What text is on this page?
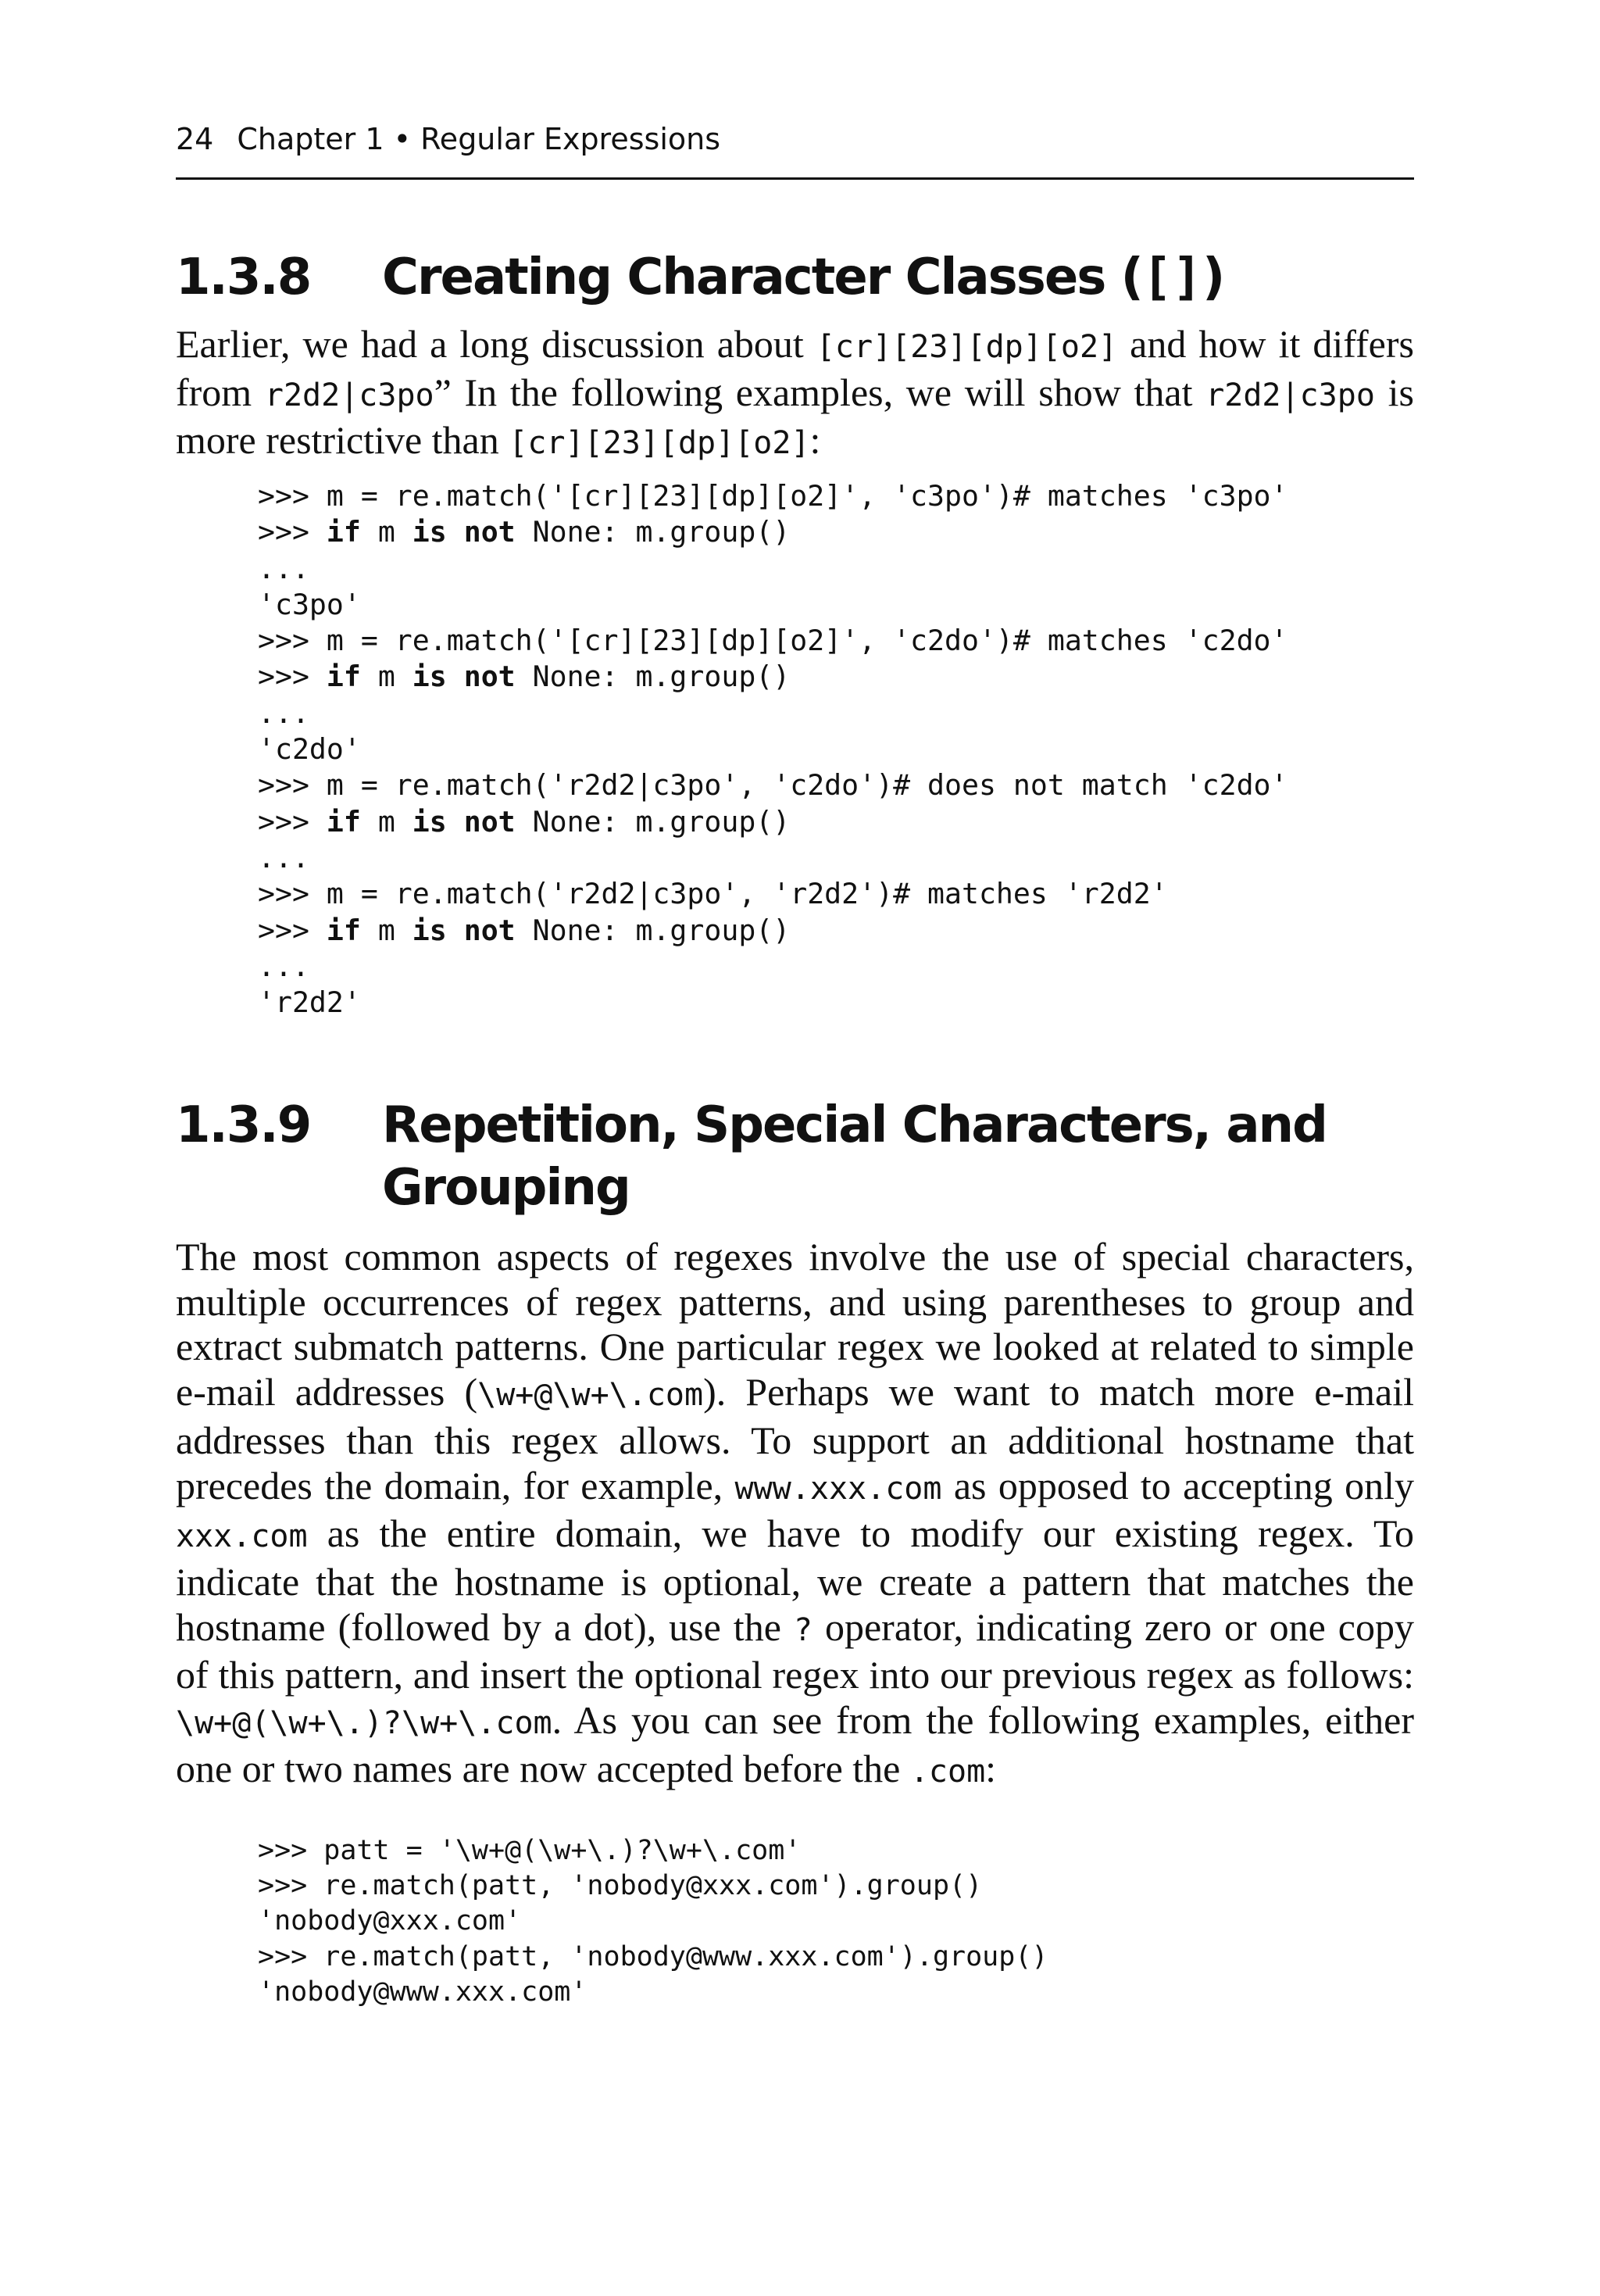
24 Chapter 1 • Regular Expressions
1.3.8 Creating Character Classes ([])

Earlier, we had a long discussion about [cr][23][dp][o2] and how it differs from r2d2|c3po” In the following examples, we will show that r2d2|c3po is more restrictive than [cr][23][dp][o2]:

>>> m = re.match('[cr][23][dp][o2]', 'c3po')# matches 'c3po'
>>> if m is not None: m.group()
...
'c3po'
>>> m = re.match('[cr][23][dp][o2]', 'c2do')# matches 'c2do'
>>> if m is not None: m.group()
...
'c2do'
>>> m = re.match('r2d2|c3po', 'c2do')# does not match 'c2do'
>>> if m is not None: m.group()
...
>>> m = re.match('r2d2|c3po', 'r2d2')# matches 'r2d2'
>>> if m is not None: m.group()
...
'r2d2'
1.3.9 Repetition, Special Characters, and
Grouping

The most common aspects of regexes involve the use of special characters, multiple occurrences of regex patterns, and using parentheses to group and extract submatch patterns. One particular regex we looked at related to simple e-mail addresses (\w+@\w+\.com). Perhaps we want to match more e-mail addresses than this regex allows. To support an additional hostname that precedes the domain, for example, www.xxx.com as opposed to accepting only xxx.com as the entire domain, we have to modify our existing regex. To indicate that the hostname is optional, we create a pattern that matches the hostname (followed by a dot), use the ? operator, indicating zero or one copy of this pattern, and insert the optional regex into our previous regex as follows: \w+@(\w+\.)?\w+\.com. As you can see from the following examples, either one or two names are now accepted before the .com:

>>> patt = '\w+@(\w+\.)?\w+\.com'
>>> re.match(patt, 'nobody@xxx.com').group()
'nobody@xxx.com'
>>> re.match(patt, 'nobody@www.xxx.com').group()
'nobody@www.xxx.com'
